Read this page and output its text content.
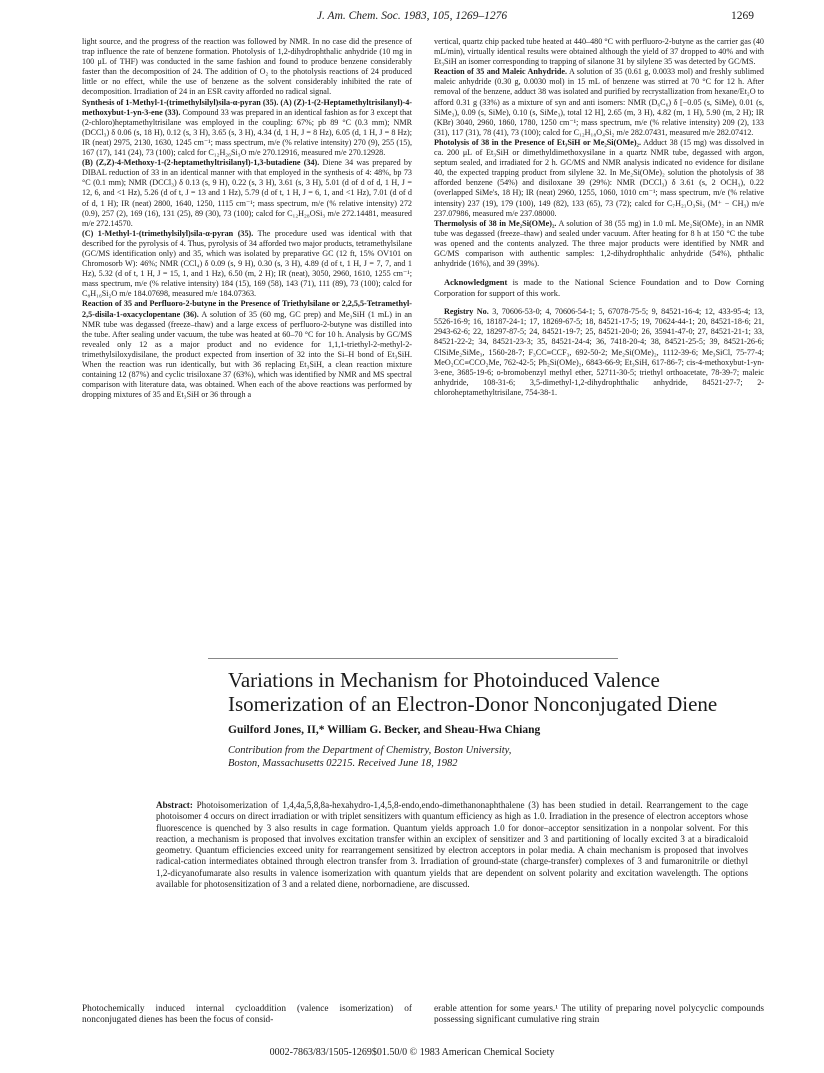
J. Am. Chem. Soc. 1983, 105, 1269–1276	1269

light source, and the progress of the reaction was followed by NMR. In no case did the presence of trap influence the rate of benzene formation. Photolysis of 1,2-dihydrophthalic anhydride (10 mg in 100 μL of THF) was conducted in the same fashion and found to produce benzene considerably faster than the decomposition of 24. The addition of O₂ to the photolysis reactions of 24 produced little or no effect, while the use of benzene as the solvent considerably inhibited the rate of decomposition. Irradiation of 24 in an ESR cavity afforded no radical signal.

Synthesis of 1-Methyl-1-(trimethylsilyl)sila-α-pyran (35). (A) (Z)-1-(2-Heptamethyltrisilanyl)-4-methoxybut-1-yn-3-ene (33). Compound 33 was prepared in an identical fashion as for 3 except that (2-chloro)heptamethyltrisilane was employed in the coupling: 67%; pb 89 °C (0.3 mm); NMR (DCCl₃) δ 0.06 (s, 18 H), 0.12 (s, 3 H), 3.65 (s, 3 H), 4.34 (d, 1 H, J = 8 Hz), 6.05 (d, 1 H, J = 8 Hz); IR (neat) 2975, 2130, 1630, 1245 cm⁻¹; mass spectrum, m/e (% relative intensity) 270 (9), 255 (15), 167 (17), 141 (24), 73 (100); calcd for C₁₂H₂₆Si₃O m/e 270.12916, measured m/e 270.12928.

(B) (Z,Z)-4-Methoxy-1-(2-heptamethyltrisilanyl)-1,3-butadiene (34). Diene 34 was prepared by DIBAL reduction of 33 in an identical manner with that employed in the synthesis of 4: 48%, bp 73 °C (0.1 mm); NMR (DCCl₃) δ 0.13 (s, 9 H), 0.22 (s, 3 H), 3.61 (s, 3 H), 5.01 (d of d of d, 1 H, J = 12, 6, and <1 Hz), 5.26 (d of t, J = 13 and 1 Hz), 5.79 (d of t, 1 H, J = 6, 1, and <1 Hz), 7.01 (d of d of d, 1 H); IR (neat) 2800, 1640, 1250, 1115 cm⁻¹; mass spectrum, m/e (% relative intensity) 272 (0.9), 257 (2), 169 (16), 131 (25), 89 (30), 73 (100); calcd for C₁₂H₂₈OSi₃ m/e 272.14481, measured m/e 272.14570.

(C) 1-Methyl-1-(trimethylsilyl)sila-α-pyran (35). The procedure used was identical with that described for the pyrolysis of 4. Thus, pyrolysis of 34 afforded two major products, tetramethylsilane (GC/MS identification only) and 35, which was isolated by preparative GC (12 ft, 15% OV101 on Chromosorb W): 46%; NMR (CCl₄) δ 0.09 (s, 9 H), 0.30 (s, 3 H), 4.89 (d of t, 1 H, J = 7, 7, and 1 Hz), 5.32 (d of t, 1 H, J = 15, 1, and 1 Hz), 6.50 (m, 2 H); IR (neat), 3050, 2960, 1610, 1255 cm⁻¹; mass spectrum, m/e (% relative intensity) 184 (15), 169 (58), 143 (71), 111 (89), 73 (100); calcd for C₈H₁₆Si₂O m/e 184.07698, measured m/e 184.07363.

Reaction of 35 and Perfluoro-2-butyne in the Presence of Triethylsilane or 2,2,5,5-Tetramethyl-2,5-disila-1-oxacyclopentane (36). A solution of 35 (60 mg, GC prep) and Me₃SiH (1 mL) in an NMR tube was degassed (freeze–thaw) and a large excess of perfluoro-2-butyne was distilled into the tube. After sealing under vacuum, the tube was heated at 60–70 °C for 10 h. Analysis by GC/MS revealed only 12 as a major product and no evidence for 1,1,1-triethyl-2-methyl-2-trimethylsiloxydisilane, the product expected from insertion of 32 into the Si–H bond of Et₃SiH. When the reaction was run identically, but with 36 replacing Et₃SiH, a clean reaction mixture containing 12 (87%) and cyclic trisiloxane 37 (63%), which was identified by NMR and MS spectral comparison with literature data, was obtained. When each of the above reactions was performed by dropping mixtures of 35 and Et₃SiH or 36 through a

vertical, quartz chip packed tube heated at 440–480 °C with perfluoro-2-butyne as the carrier gas (40 mL/min), virtually identical results were obtained although the yield of 37 dropped to 40% and with Et₃SiH an isomer corresponding to trapping of silanone 31 by silylene 35 was detected by GC/MS.

Reaction of 35 and Maleic Anhydride. A solution of 35 (0.61 g, 0.0033 mol) and freshly sublimed maleic anhydride (0.30 g, 0.0030 mol) in 15 mL of benzene was stirred at 70 °C for 12 h. After removal of the benzene, adduct 38 was isolated and purified by recrystallization from hexane/Et₂O to afford 0.31 g (33%) as a mixture of syn and anti isomers: NMR (D₆C₆) δ [−0.05 (s, SiMe), 0.01 (s, SiMe₃), 0.09 (s, SiMe), 0.10 (s, SiMe₃), total 12 H], 2.65 (m, 3 H), 4.82 (m, 1 H), 5.90 (m, 2 H); IR (KBr) 3040, 2960, 1860, 1780, 1250 cm⁻¹; mass spectrum, m/e (% relative intensity) 209 (2), 133 (31), 117 (31), 78 (41), 73 (100); calcd for C₁₂H₁₈O₄Si₂ m/e 282.07431, measured m/e 282.07412.

Photolysis of 38 in the Presence of Et₃SiH or Me₂Si(OMe)₂. Adduct 38 (15 mg) was dissolved in ca. 200 μL of Et₃SiH or dimethyldimethoxysilane in a quartz NMR tube, degassed with argon, septum sealed, and irradiated for 2 h. GC/MS and NMR analysis indicated no evidence for disilane 40, the expected trapping product from silylene 32. In Me₂Si(OMe)₂ solution the photolysis of 38 afforded benzene (54%) and disiloxane 39 (29%): NMR (DCCl₃) δ 3.61 (s, 2 OCH₃), 0.22 (overlapped SiMe's, 18 H); IR (neat) 2960, 1255, 1060, 1010 cm⁻¹; mass spectrum, m/e (% relative intensity) 237 (19), 179 (100), 149 (82), 133 (65), 73 (72); calcd for C₇H₂₁O₃Si₃ (M⁺ − CH₃) m/e 237.07986, measured m/e 237.08000.

Thermolysis of 38 in Me₂Si(OMe)₂. A solution of 38 (55 mg) in 1.0 mL Me₂Si(OMe)₂ in an NMR tube was degassed (freeze–thaw) and sealed under vacuum. After heating for 8 h at 150 °C the tube was opened and the contents analyzed. The three major products were identified by NMR and GC/MS comparison with authentic samples: 1,2-dihydrophthalic anhydride (54%), phthalic anhydride (16%), and 39 (39%).

Acknowledgment is made to the National Science Foundation and to Dow Corning Corporation for support of this work.

Registry No. 3, 70606-53-0; 4, 70606-54-1; 5, 67078-75-5; 9, 84521-16-4; 12, 433-95-4; 13, 5526-16-9; 16, 18187-24-1; 17, 18269-67-5; 18, 84521-17-5; 19, 70624-44-1; 20, 84521-18-6; 21, 2943-62-6; 22, 18297-87-5; 24, 84521-19-7; 25, 84521-20-0; 26, 35941-47-0; 27, 84521-21-1; 33, 84521-22-2; 34, 84521-23-3; 35, 84521-24-4; 36, 7418-20-4; 38, 84521-25-5; 39, 84521-26-6; ClSiMe₂SiMe₃, 1560-28-7; F₃CC≡CCF₃, 692-50-2; Me₂Si(OMe)₂, 1112-39-6; Me₃SiCl, 75-77-4; MeO₂CC≡CCO₂Me, 762-42-5; Ph₂Si(OMe)₂, 6843-66-9; Et₃SiH, 617-86-7; cis-4-methoxybut-1-yn-3-ene, 3685-19-6; o-bromobenzyl methyl ether, 52711-30-5; triethyl orthoacetate, 78-39-7; maleic anhydride, 108-31-6; 3,5-dimethyl-1,2-dihydrophthalic anhydride, 84521-27-7; 2-chloroheptamethyltrisilane, 754-38-1.

Variations in Mechanism for Photoinduced Valence Isomerization of an Electron-Donor Nonconjugated Diene
Guilford Jones, II,* William G. Becker, and Sheau-Hwa Chiang
Contribution from the Department of Chemistry, Boston University,
Boston, Massachusetts 02215. Received June 18, 1982
Abstract: Photoisomerization of 1,4,4a,5,8,8a-hexahydro-1,4,5,8-endo,endo-dimethanonaphthalene (3) has been studied in detail. Rearrangement to the cage photoisomer 4 occurs on direct irradiation or with triplet sensitizers with quantum efficiency as high as 1.0. Irradiation in the presence of electron acceptors whose fluorescence is quenched by 3 also results in cage formation. Quantum yields approach 1.0 for donor–acceptor sensitization in a nonpolar solvent. For this reaction, a mechanism is proposed that involves excitation transfer within an exciplex of sensitizer and 3 and partitioning of locally excited 3 at a biradicaloid geometry. Quantum efficiencies exceed unity for rearrangement sensitized by electron acceptors in polar media. A chain mechanism is proposed that involves radical-cation intermediates obtained through electron transfer from 3. Irradiation of ground-state (charge-transfer) complexes of 3 and fumaronitrile or diethyl 1,2-dicyanofumarate also results in valence isomerization with quantum yields that are dependent on solvent polarity and excitation wavelength. The options available for photosensitization of 3 and a related diene, norbornadiene, are discussed.
Photochemically induced internal cycloaddition (valence isomerization) of nonconjugated dienes has been the focus of consid-
erable attention for some years.¹ The utility of preparing novel polycyclic compounds possessing significant cumulative ring strain
0002-7863/83/1505-1269$01.50/0 © 1983 American Chemical Society
